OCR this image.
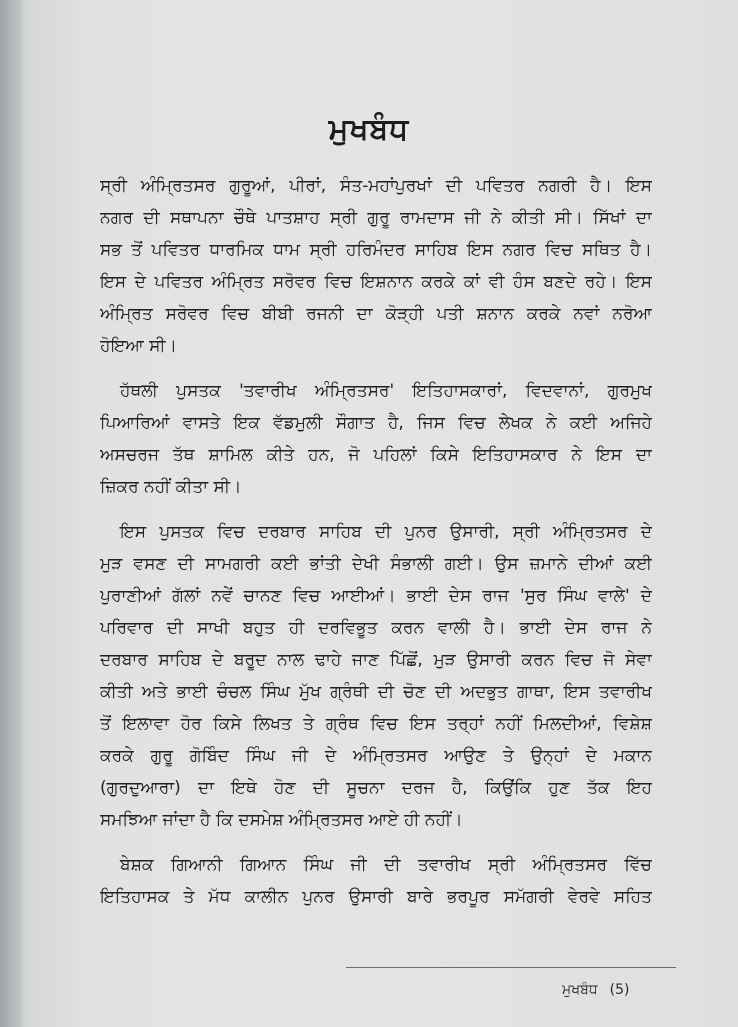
ਮੁਖਬੰਧ
ਸ੍ਰੀ ਅੰਮ੍ਰਿਤਸਰ ਗੁਰੂਆਂ, ਪੀਰਾਂ, ਸੰਤ-ਮਹਾਂਪੁਰਖਾਂ ਦੀ ਪਵਿਤਰ ਨਗਰੀ ਹੈ। ਇਸ
ਨਗਰ ਦੀ ਸਥਾਪਨਾ ਚੌਥੇ ਪਾਤਸ਼ਾਹ ਸ੍ਰੀ ਗੁਰੂ ਰਾਮਦਾਸ ਜੀ ਨੇ ਕੀਤੀ ਸੀ। ਸਿੱਖਾਂ ਦਾ
ਸਭ ਤੋਂ ਪਵਿਤਰ ਧਾਰਮਿਕ ਧਾਮ ਸ੍ਰੀ ਹਰਿਮੰਦਰ ਸਾਹਿਬ ਇਸ ਨਗਰ ਵਿਚ ਸਥਿਤ ਹੈ।
ਇਸ ਦੇ ਪਵਿਤਰ ਅੰਮ੍ਰਿਤ ਸਰੋਵਰ ਵਿਚ ਇਸ਼ਨਾਨ ਕਰਕੇ ਕਾਂ ਵੀ ਹੰਸ ਬਣਦੇ ਰਹੇ। ਇਸ
ਅੰਮ੍ਰਿਤ ਸਰੋਵਰ ਵਿਚ ਬੀਬੀ ਰਜਨੀ ਦਾ ਕੋੜ੍ਹੀ ਪਤੀ ਸ਼ਨਾਨ ਕਰਕੇ ਨਵਾਂ ਨਰੋਆ
ਹੋਇਆ ਸੀ।
ਹੱਥਲੀ ਪੁਸਤਕ 'ਤਵਾਰੀਖ ਅੰਮ੍ਰਿਤਸਰ' ਇਤਿਹਾਸਕਾਰਾਂ, ਵਿਦਵਾਨਾਂ, ਗੁਰਮੁਖ
ਪਿਆਰਿਆਂ ਵਾਸਤੇ ਇਕ ਵੱਡਮੁਲੀ ਸੌਗਾਤ ਹੈ, ਜਿਸ ਵਿਚ ਲੇਖਕ ਨੇ ਕਈ ਅਜਿਹੇ
ਅਸਚਰਜ ਤੱਥ ਸ਼ਾਮਿਲ ਕੀਤੇ ਹਨ, ਜੋ ਪਹਿਲਾਂ ਕਿਸੇ ਇਤਿਹਾਸਕਾਰ ਨੇ ਇਸ ਦਾ
ਜ਼ਿਕਰ ਨਹੀਂ ਕੀਤਾ ਸੀ।
ਇਸ ਪੁਸਤਕ ਵਿਚ ਦਰਬਾਰ ਸਾਹਿਬ ਦੀ ਪੁਨਰ ਉਸਾਰੀ, ਸ੍ਰੀ ਅੰਮ੍ਰਿਤਸਰ ਦੇ
ਮੁੜ ਵਸਣ ਦੀ ਸਾਮਗਰੀ ਕਈ ਭਾਂਤੀ ਦੇਖੀ ਸੰਭਾਲੀ ਗਈ। ਉਸ ਜ਼ਮਾਨੇ ਦੀਆਂ ਕਈ
ਪੁਰਾਣੀਆਂ ਗੱਲਾਂ ਨਵੇਂ ਚਾਨਣ ਵਿਚ ਆਈਆਂ। ਭਾਈ ਦੇਸ ਰਾਜ 'ਸੁਰ ਸਿੰਘ ਵਾਲੇ' ਦੇ
ਪਰਿਵਾਰ ਦੀ ਸਾਖੀ ਬਹੁਤ ਹੀ ਦਰਵਿਭੂਤ ਕਰਨ ਵਾਲੀ ਹੈ। ਭਾਈ ਦੇਸ ਰਾਜ ਨੇ
ਦਰਬਾਰ ਸਾਹਿਬ ਦੇ ਬਰੂਦ ਨਾਲ ਢਾਹੇ ਜਾਣ ਪਿੱਛੋਂ, ਮੁੜ ਉਸਾਰੀ ਕਰਨ ਵਿਚ ਜੋ ਸੇਵਾ
ਕੀਤੀ ਅਤੇ ਭਾਈ ਚੰਚਲ ਸਿੰਘ ਮੁੱਖ ਗ੍ਰੰਥੀ ਦੀ ਚੋਣ ਦੀ ਅਦਭੁਤ ਗਾਥਾ, ਇਸ ਤਵਾਰੀਖ
ਤੋਂ ਇਲਾਵਾ ਹੋਰ ਕਿਸੇ ਲਿਖਤ ਤੇ ਗ੍ਰੰਥ ਵਿਚ ਇਸ ਤਰ੍ਹਾਂ ਨਹੀਂ ਮਿਲਦੀਆਂ, ਵਿਸ਼ੇਸ਼
ਕਰਕੇ ਗੁਰੂ ਗੋਬਿੰਦ ਸਿੰਘ ਜੀ ਦੇ ਅੰਮ੍ਰਿਤਸਰ ਆਉਣ ਤੇ ਉਨ੍ਹਾਂ ਦੇ ਮਕਾਨ
(ਗੁਰਦੁਆਰਾ) ਦਾ ਇਥੇ ਹੋਣ ਦੀ ਸੂਚਨਾ ਦਰਜ ਹੈ, ਕਿਉਂਕਿ ਹੁਣ ਤੱਕ ਇਹ
ਸਮਝਿਆ ਜਾਂਦਾ ਹੈ ਕਿ ਦਸਮੇਸ਼ ਅੰਮ੍ਰਿਤਸਰ ਆਏ ਹੀ ਨਹੀਂ।
ਬੇਸ਼ਕ ਗਿਆਨੀ ਗਿਆਨ ਸਿੰਘ ਜੀ ਦੀ ਤਵਾਰੀਖ ਸ੍ਰੀ ਅੰਮ੍ਰਿਤਸਰ ਵਿੱਚ
ਇਤਿਹਾਸਕ ਤੇ ਮੱਧ ਕਾਲੀਨ ਪੁਨਰ ਉਸਾਰੀ ਬਾਰੇ ਭਰਪੂਰ ਸਮੱਗਰੀ ਵੇਰਵੇ ਸਹਿਤ
ਮੁਖਬੰਧ (5)
